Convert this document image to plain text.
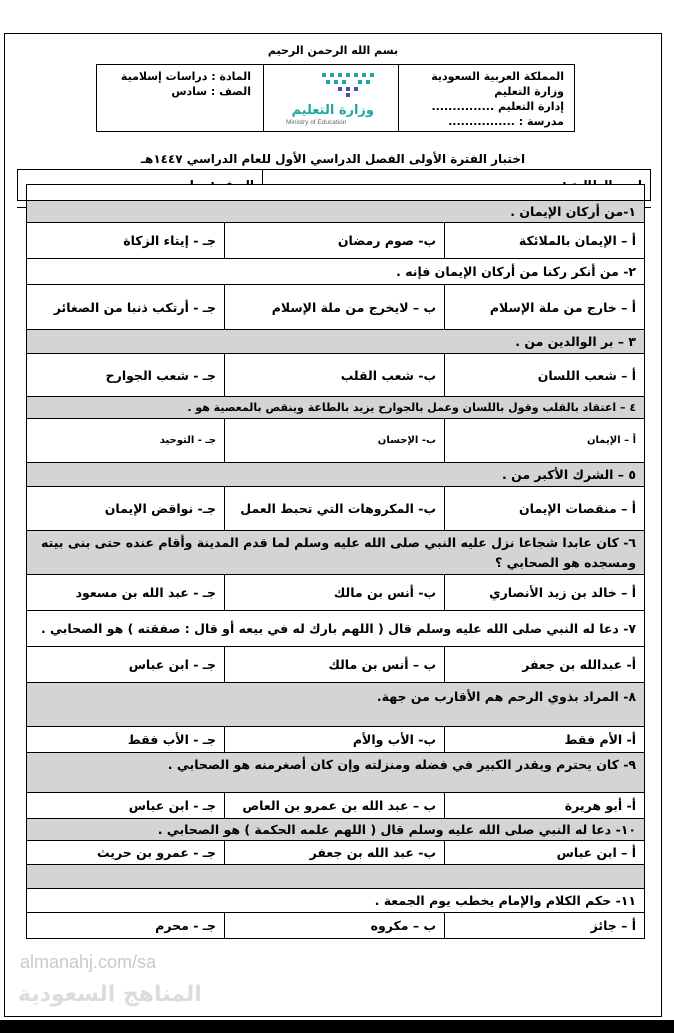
بسم الله الرحمن الرحيم
المملكة العربية السعودية
وزارة التعليم
إدارة التعليم ...............
مدرسة : ................
وزارة التعليم
Ministry of Education
المادة : دراسات إسلامية
الصف : سادس
اختبار الفترة الأولى الفصل الدراسي الأول للعام الدراسي ١٤٤٧هـ

١-من أركان الإيمان .		
أ – الإيمان بالملائكة	ب- صوم رمضان	جـ - إيتاء الزكاة
٢- من أنكر ركنا من أركان الإيمان فإنه .		
أ – خارج من ملة الإسلام	ب – لايخرج من ملة الإسلام	جـ - أرتكب ذنبا من الصغائر
٣ – بر الوالدين من .		
أ – شعب اللسان	ب- شعب القلب	جـ - شعب الجوارح
٤ – اعتقاد بالقلب وقول باللسان وعمل بالجوارح يزيد بالطاعة وينقص بالمعصية هو .		
أ – الإيمان	ب- الإحسان	جـ - التوحيد
٥ – الشرك الأكبر من .		
أ – منقصات الإيمان	ب- المكروهات التي تحبط العمل	جـ- نواقض الإيمان
٦- كان عابدا شجاعا نزل عليه النبي صلى الله عليه وسلم لما قدم المدينة وأقام عنده حتى بنى بيته ومسجده هو الصحابي ؟		
أ – خالد بن زيد الأنصاري	ب- أنس بن مالك	جـ - عبد الله بن مسعود
٧- دعا له النبي صلى الله عليه وسلم قال ( اللهم بارك له في بيعه أو قال : صفقته ) هو الصحابي .		
أ- عبدالله بن جعفر	ب – أنس بن مالك	جـ - ابن عباس
٨- المراد بذوي الرحم هم الأقارب من جهة.		
أ- الأم فقط	ب- الأب والأم	جـ - الأب فقط
٩- كان يحترم ويقدر الكبير في فضله ومنزلته وإن كان أصغرمنه هو الصحابي .		
أ- أبو هريرة	ب – عبد الله بن عمرو بن العاص	جـ - ابن عباس
١٠- دعا له النبي صلى الله عليه وسلم قال ( اللهم علمه الحكمة ) هو الصحابي .		
أ – ابن عباس	ب- عبد الله بن جعفر	جـ - عمرو بن حريث

١١- حكم الكلام والإمام يخطب يوم الجمعة .		
أ – جائز	ب – مكروه	جـ - محرم
almanahj.com/sa
المناهج السعودية
